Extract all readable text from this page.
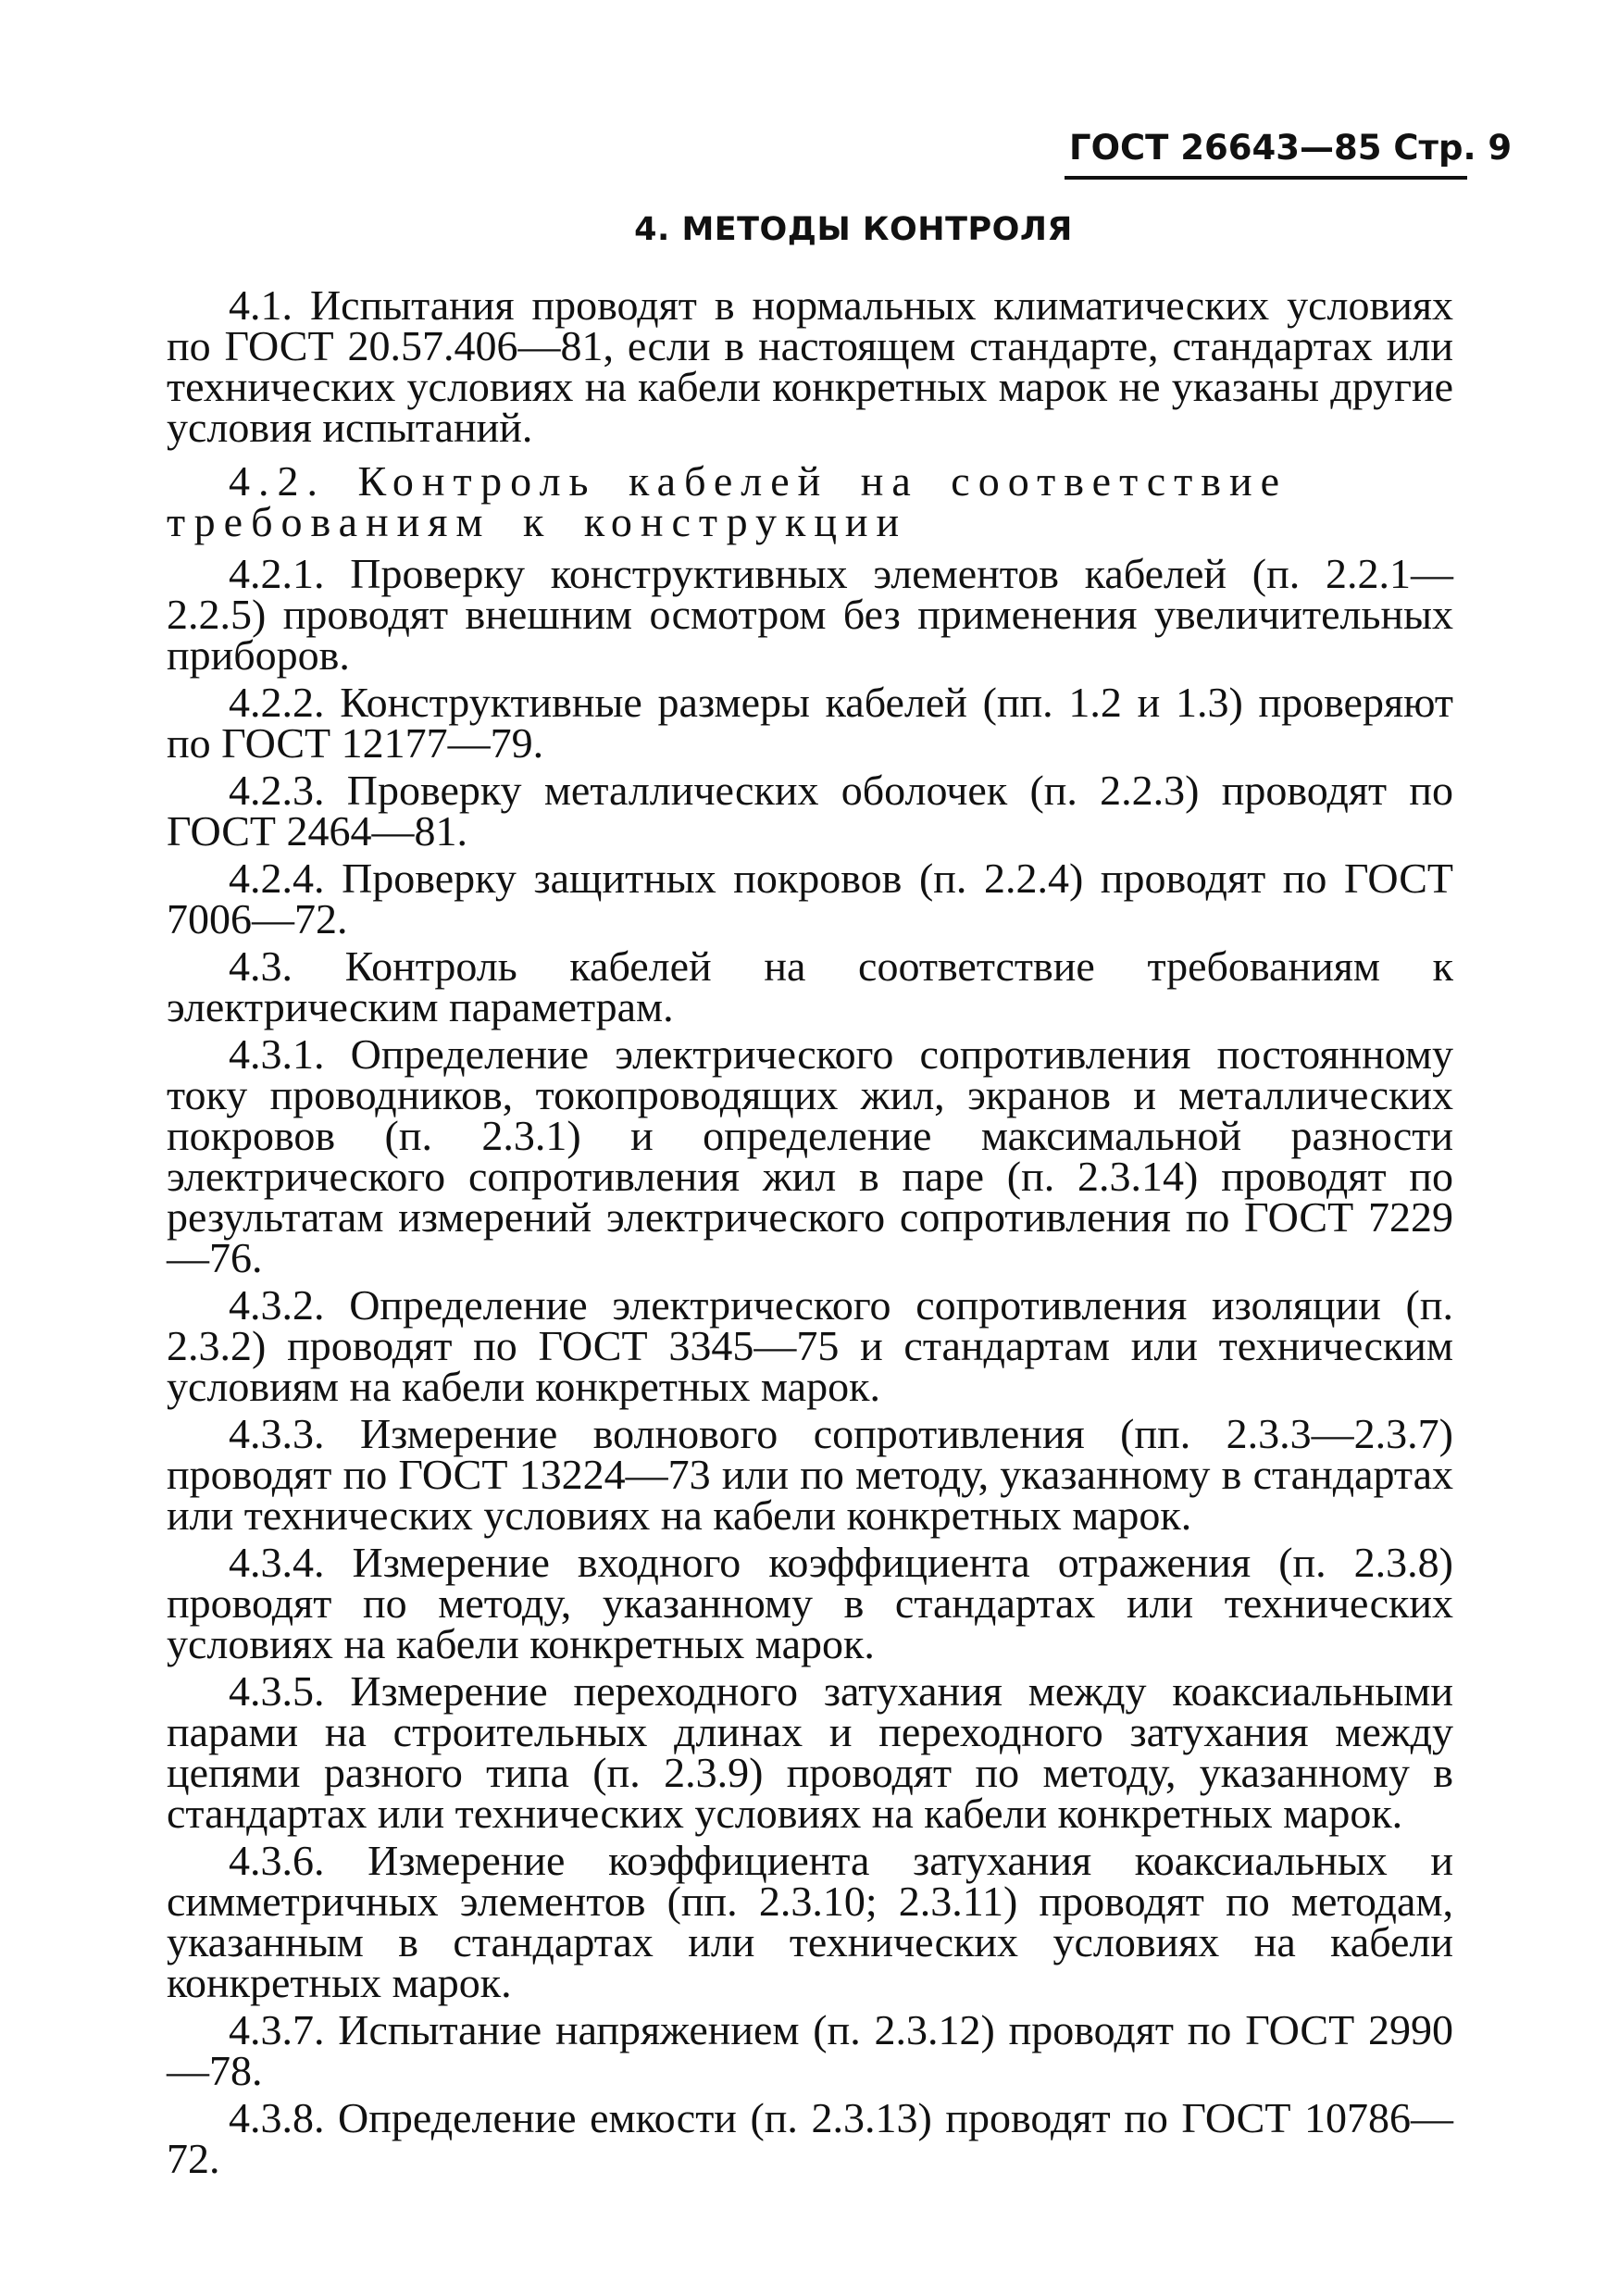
ГОСТ 26643—85 Стр. 9
4. МЕТОДЫ КОНТРОЛЯ

4.1. Испытания проводят в нормальных климатических условиях по ГОСТ 20.57.406—81, если в настоящем стандарте, стандартах или технических условиях на кабели конкретных марок не указаны другие условия испытаний.

4.2. Контроль кабелей на соответствие требованиям к конструкции

4.2.1. Проверку конструктивных элементов кабелей (п. 2.2.1—2.2.5) проводят внешним осмотром без применения увеличительных приборов.

4.2.2. Конструктивные размеры кабелей (пп. 1.2 и 1.3) проверяют по ГОСТ 12177—79.

4.2.3. Проверку металлических оболочек (п. 2.2.3) проводят по ГОСТ 2464—81.

4.2.4. Проверку защитных покровов (п. 2.2.4) проводят по ГОСТ 7006—72.

4.3. Контроль кабелей на соответствие требованиям к электрическим параметрам.

4.3.1. Определение электрического сопротивления постоянному току проводников, токопроводящих жил, экранов и металлических покровов (п. 2.3.1) и определение максимальной разности электрического сопротивления жил в паре (п. 2.3.14) проводят по результатам измерений электрического сопротивления по ГОСТ 7229—76.

4.3.2. Определение электрического сопротивления изоляции (п. 2.3.2) проводят по ГОСТ 3345—75 и стандартам или техническим условиям на кабели конкретных марок.

4.3.3. Измерение волнового сопротивления (пп. 2.3.3—2.3.7) проводят по ГОСТ 13224—73 или по методу, указанному в стандартах или технических условиях на кабели конкретных марок.

4.3.4. Измерение входного коэффициента отражения (п. 2.3.8) проводят по методу, указанному в стандартах или технических условиях на кабели конкретных марок.

4.3.5. Измерение переходного затухания между коаксиальными парами на строительных длинах и переходного затухания между цепями разного типа (п. 2.3.9) проводят по методу, указанному в стандартах или технических условиях на кабели конкретных марок.

4.3.6. Измерение коэффициента затухания коаксиальных и симметричных элементов (пп. 2.3.10; 2.3.11) проводят по методам, указанным в стандартах или технических условиях на кабели конкретных марок.

4.3.7. Испытание напряжением (п. 2.3.12) проводят по ГОСТ 2990—78.

4.3.8. Определение емкости (п. 2.3.13) проводят по ГОСТ 10786—72.
